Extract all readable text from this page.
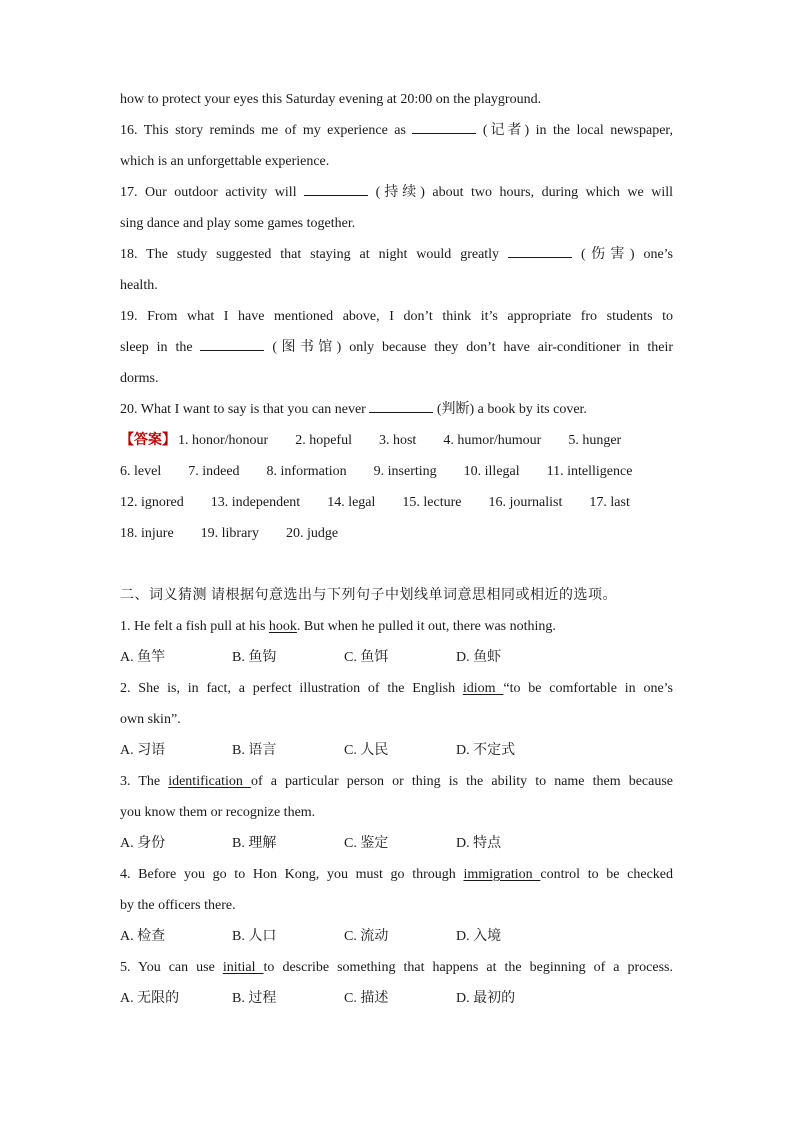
how to protect your eyes this Saturday evening at 20:00 on the playground.
16. This story reminds me of my experience as	(记者) in the local newspaper,
which is an unforgettable experience.
17. Our outdoor activity will	(持续) about two hours, during which we will
sing dance and play some games together.
18. The study suggested that staying at night would greatly	(伤害) one’s
health.
19. From what I have mentioned above, I don’t think it’s appropriate fro students to
sleep in the	(图书馆) only because they don’t have air-conditioner in their
dorms.
20. What I want to say is that you can never	(判断) a book by its cover.
【答案】 1. honor/honour 2. hopeful 3. host 4. humor/humour 5. hunger
6. level 7. indeed 8. information 9. inserting 10. illegal 11. intelligence
12. ignored 13. independent 14. legal 15. lecture 16. journalist 17. last
18. injure 19. library 20. judge
二、词义猜测 请根据句意选出与下列句子中划线单词意思相同或相近的选项。
1. He felt a fish pull at his hook. But when he pulled it out, there was nothing.
A. 鱼竿	B. 鱼钩	C. 鱼饵	D. 鱼虾
2. She is, in fact, a perfect illustration of the English idiom “to be comfortable in one’s
own skin”.
A. 习语	B. 语言	C. 人民	D. 不定式
3. The identification of a particular person or thing is the ability to name them because
you know them or recognize them.
A. 身份	B. 理解	C. 鉴定	D. 特点
4. Before you go to Hon Kong, you must go through immigration control to be checked
by the officers there.
A. 检查	B. 人口	C. 流动	D. 入境
5. You can use initial to describe something that happens at the beginning of a process.
A. 无限的	B. 过程	C. 描述	D. 最初的
